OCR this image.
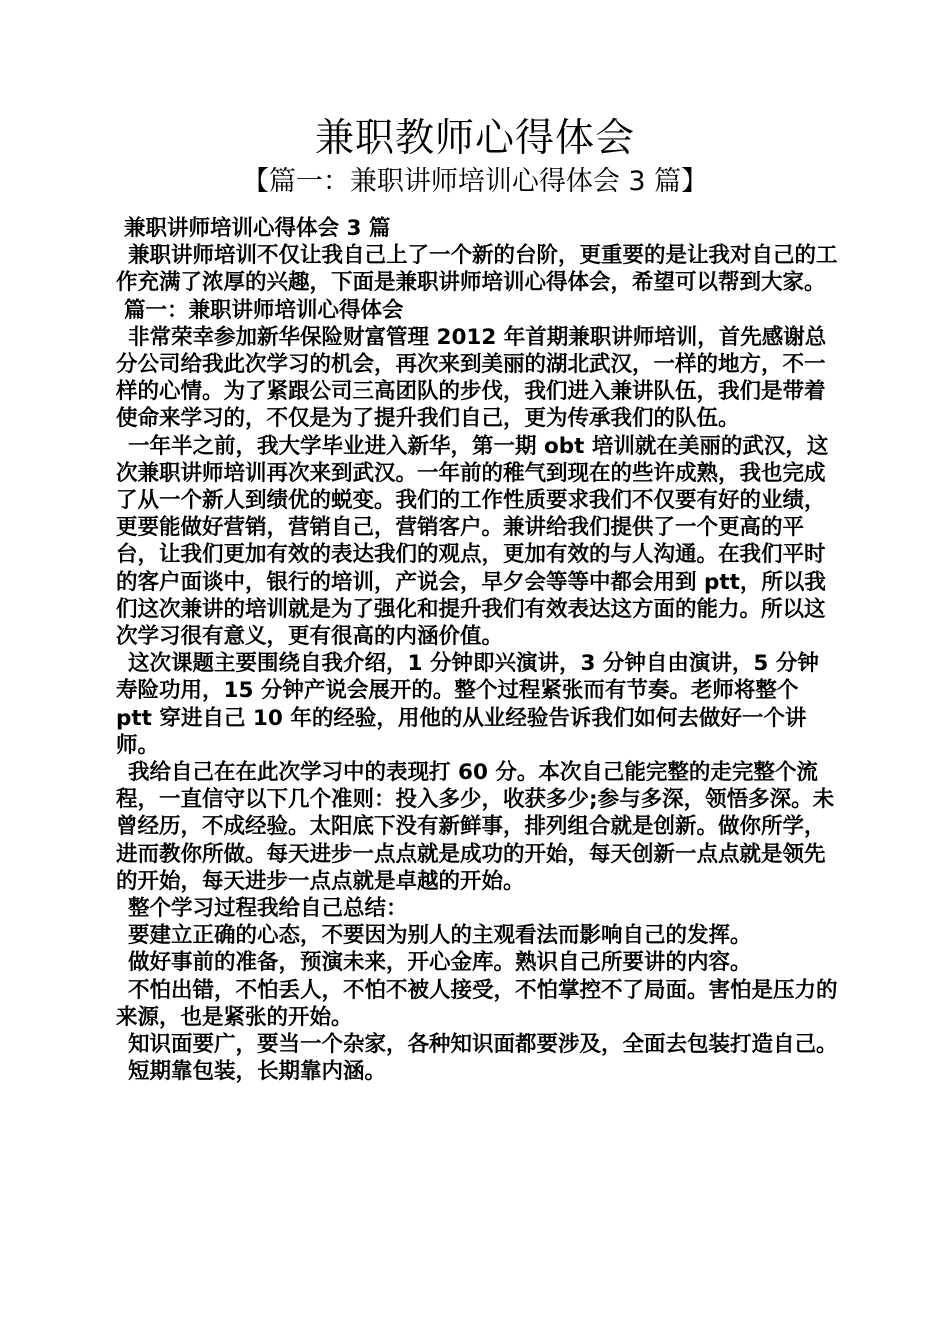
兼职教师心得体会
【篇一：兼职讲师培训心得体会 3 篇】

兼职讲师培训心得体会 3 篇

兼职讲师培训不仅让我自己上了一个新的台阶，更重要的是让我对自己的工作充满了浓厚的兴趣，下面是兼职讲师培训心得体会，希望可以帮到大家。

篇一：兼职讲师培训心得体会

非常荣幸参加新华保险财富管理 2012 年首期兼职讲师培训，首先感谢总分公司给我此次学习的机会，再次来到美丽的湖北武汉，一样的地方，不一样的心情。为了紧跟公司三高团队的步伐，我们进入兼讲队伍，我们是带着使命来学习的，不仅是为了提升我们自己，更为传承我们的队伍。

一年半之前，我大学毕业进入新华，第一期 obt 培训就在美丽的武汉，这次兼职讲师培训再次来到武汉。一年前的稚气到现在的些许成熟，我也完成了从一个新人到绩优的蜕变。我们的工作性质要求我们不仅要有好的业绩，更要能做好营销，营销自己，营销客户。兼讲给我们提供了一个更高的平台，让我们更加有效的表达我们的观点，更加有效的与人沟通。在我们平时的客户面谈中，银行的培训，产说会，早夕会等等中都会用到 ptt，所以我们这次兼讲的培训就是为了强化和提升我们有效表达这方面的能力。所以这次学习很有意义，更有很高的内涵价值。

这次课题主要围绕自我介绍，1 分钟即兴演讲，3 分钟自由演讲，5 分钟寿险功用，15 分钟产说会展开的。整个过程紧张而有节奏。老师将整个 ptt 穿进自己 10 年的经验，用他的从业经验告诉我们如何去做好一个讲师。

我给自己在在此次学习中的表现打 60 分。本次自己能完整的走完整个流程，一直信守以下几个准则：投入多少，收获多少;参与多深，领悟多深。未曾经历，不成经验。太阳底下没有新鲜事，排列组合就是创新。做你所学，进而教你所做。每天进步一点点就是成功的开始，每天创新一点点就是领先的开始，每天进步一点点就是卓越的开始。

整个学习过程我给自己总结：

要建立正确的心态，不要因为别人的主观看法而影响自己的发挥。

做好事前的准备，预演未来，开心金库。熟识自己所要讲的内容。

不怕出错，不怕丢人，不怕不被人接受，不怕掌控不了局面。害怕是压力的来源，也是紧张的开始。

知识面要广，要当一个杂家，各种知识面都要涉及，全面去包装打造自己。

短期靠包装，长期靠内涵。
